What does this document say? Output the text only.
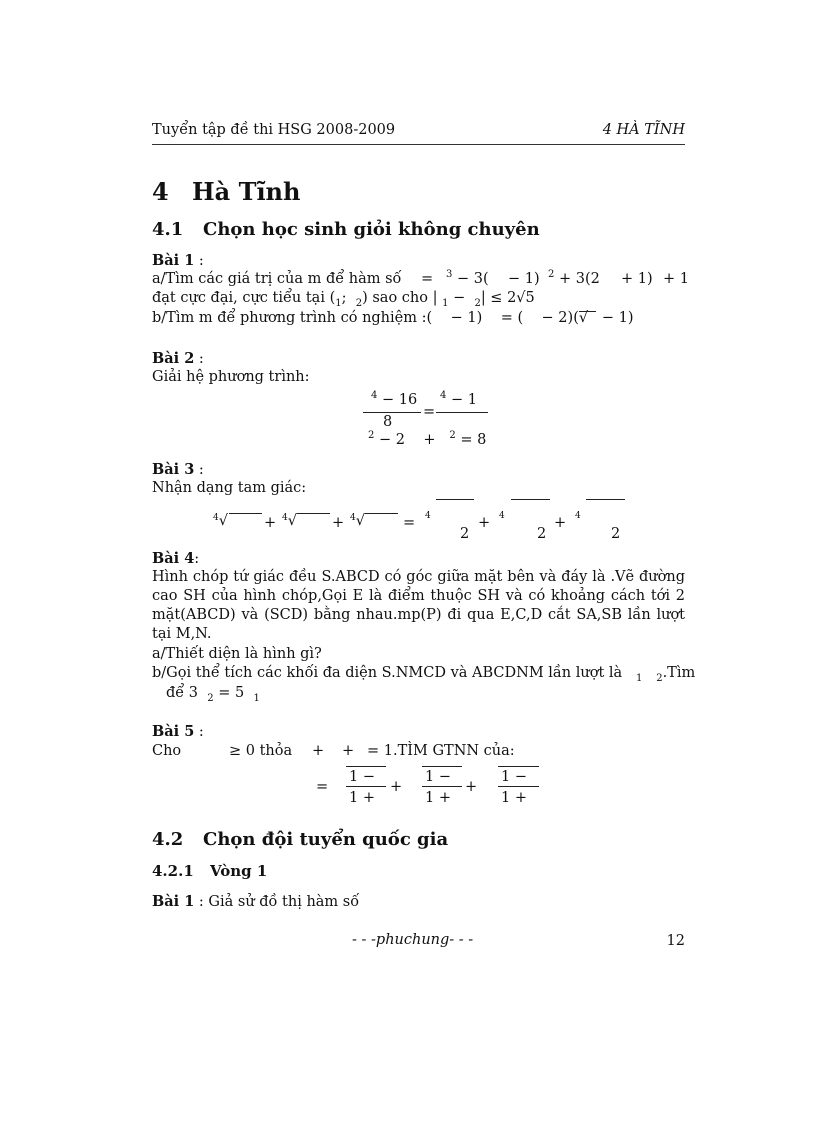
Tuyển tập đề thi HSG 2008-2009	4 HÀ TĨNH
4 Hà Tĩnh
4.1 Chọn học sinh giỏi không chuyên
Bài 1 :
a/Tìm các giá trị của m để hàm số = $^3$ − 3( − 1) $^2$ + 3(2 + 1) + 1
đạt cực đại, cực tiểu tại ($_1$; $_2$) sao cho | $_1$ − $_2$| ≤ 2√5
b/Tìm m để phương trình có nghiệm :( − 1) = ( − 2)(√ − 1)
Bài 2 :
Giải hệ phương trình:
$^4$ − 16
8
=
$^4$ − 1
$^2$ − 2 + $^2$ = 8
Bài 3 :
Nhận dạng tam giác:
$^4$√ + $^4$√ + $^4$√	= 4
2
+ 4
2
+ 4
2
Bài 4:
Hình chóp tứ giác đều S.ABCD có góc giữa mặt bên và đáy là .Vẽ đường cao SH của hình chóp,Gọi E là điểm thuộc SH và có khoảng cách tới 2 mặt(ABCD) và (SCD) bằng nhau.mp(P) đi qua E,C,D cắt SA,SB lần lượt tại M,N.
a/Thiết diện là hình gì?
b/Gọi thể tích các khối đa diện S.NMCD và ABCDNM lần lượt là $_1$ $_2$.Tìm
để 3 $_2$ = 5 $_1$
Bài 5 :
Cho	≥ 0 thỏa + + = 1.TÌM GTNN của:
=
1 −
1 +
+
1 −
1 +
+
1 −
1 +
4.2 Chọn đội tuyển quốc gia
4.2.1 Vòng 1
Bài 1 : Giả sử đồ thị hàm số
- - -phuchung- - -	12
